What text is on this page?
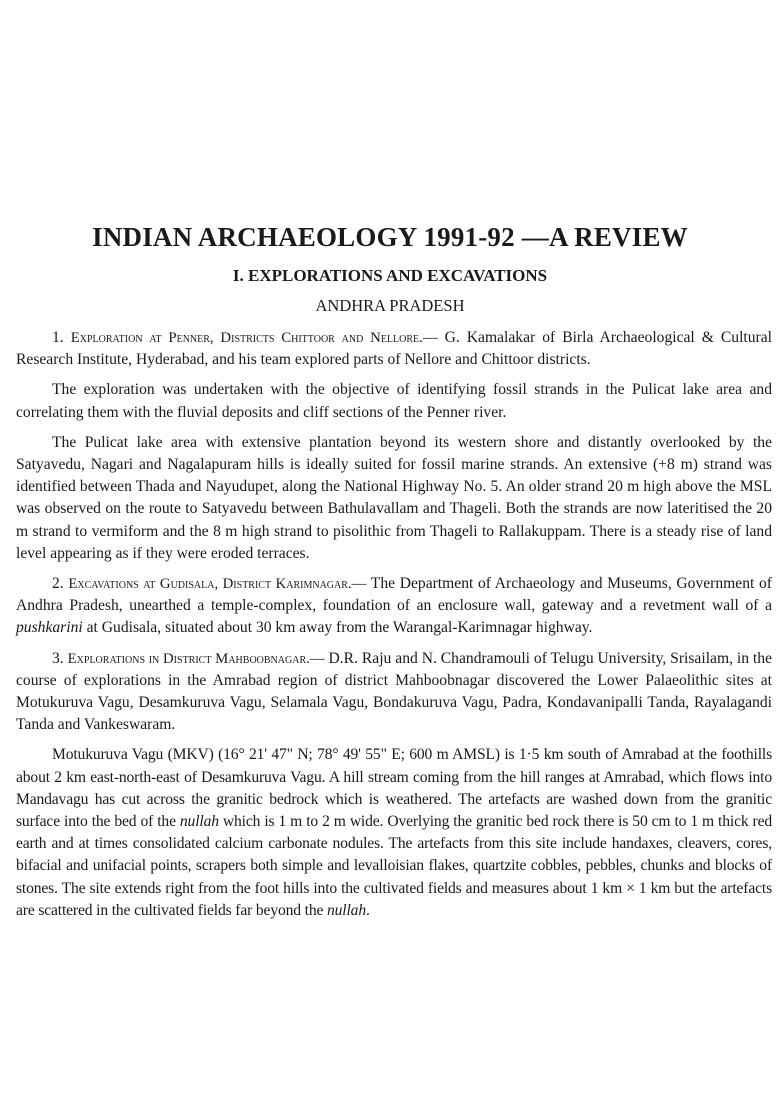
INDIAN ARCHAEOLOGY 1991-92 —A REVIEW
I. EXPLORATIONS AND EXCAVATIONS
ANDHRA PRADESH

1. Exploration at Penner, Districts Chittoor and Nellore.— G. Kamalakar of Birla Archaeological & Cultural Research Institute, Hyderabad, and his team explored parts of Nellore and Chittoor districts.

The exploration was undertaken with the objective of identifying fossil strands in the Pulicat lake area and correlating them with the fluvial deposits and cliff sections of the Penner river.

The Pulicat lake area with extensive plantation beyond its western shore and distantly overlooked by the Satyavedu, Nagari and Nagalapuram hills is ideally suited for fossil marine strands. An extensive (+8 m) strand was identified between Thada and Nayudupet, along the National Highway No. 5. An older strand 20 m high above the MSL was observed on the route to Satyavedu between Bathulavallam and Thageli. Both the strands are now lateritised the 20 m strand to vermiform and the 8 m high strand to pisolithic from Thageli to Rallakuppam. There is a steady rise of land level appearing as if they were eroded terraces.

2. Excavations at Gudisala, District Karimnagar.— The Department of Archaeology and Museums, Government of Andhra Pradesh, unearthed a temple-complex, foundation of an enclosure wall, gateway and a revetment wall of a pushkarini at Gudisala, situated about 30 km away from the Warangal-Karimnagar highway.

3. Explorations in District Mahboobnagar.— D.R. Raju and N. Chandramouli of Telugu University, Srisailam, in the course of explorations in the Amrabad region of district Mahboobnagar discovered the Lower Palaeolithic sites at Motukuruva Vagu, Desamkuruva Vagu, Selamala Vagu, Bondakuruva Vagu, Padra, Kondavanipalli Tanda, Rayalagandi Tanda and Vankeswaram.

Motukuruva Vagu (MKV) (16° 21' 47" N; 78° 49' 55" E; 600 m AMSL) is 1·5 km south of Amrabad at the foothills about 2 km east-north-east of Desamkuruva Vagu. A hill stream coming from the hill ranges at Amrabad, which flows into Mandavagu has cut across the granitic bedrock which is weathered. The artefacts are washed down from the granitic surface into the bed of the nullah which is 1 m to 2 m wide. Overlying the granitic bed rock there is 50 cm to 1 m thick red earth and at times consolidated calcium carbonate nodules. The artefacts from this site include handaxes, cleavers, cores, bifacial and unifacial points, scrapers both simple and levalloisian flakes, quartzite cobbles, pebbles, chunks and blocks of stones. The site extends right from the foot hills into the cultivated fields and measures about 1 km × 1 km but the artefacts are scattered in the cultivated fields far beyond the nullah.
